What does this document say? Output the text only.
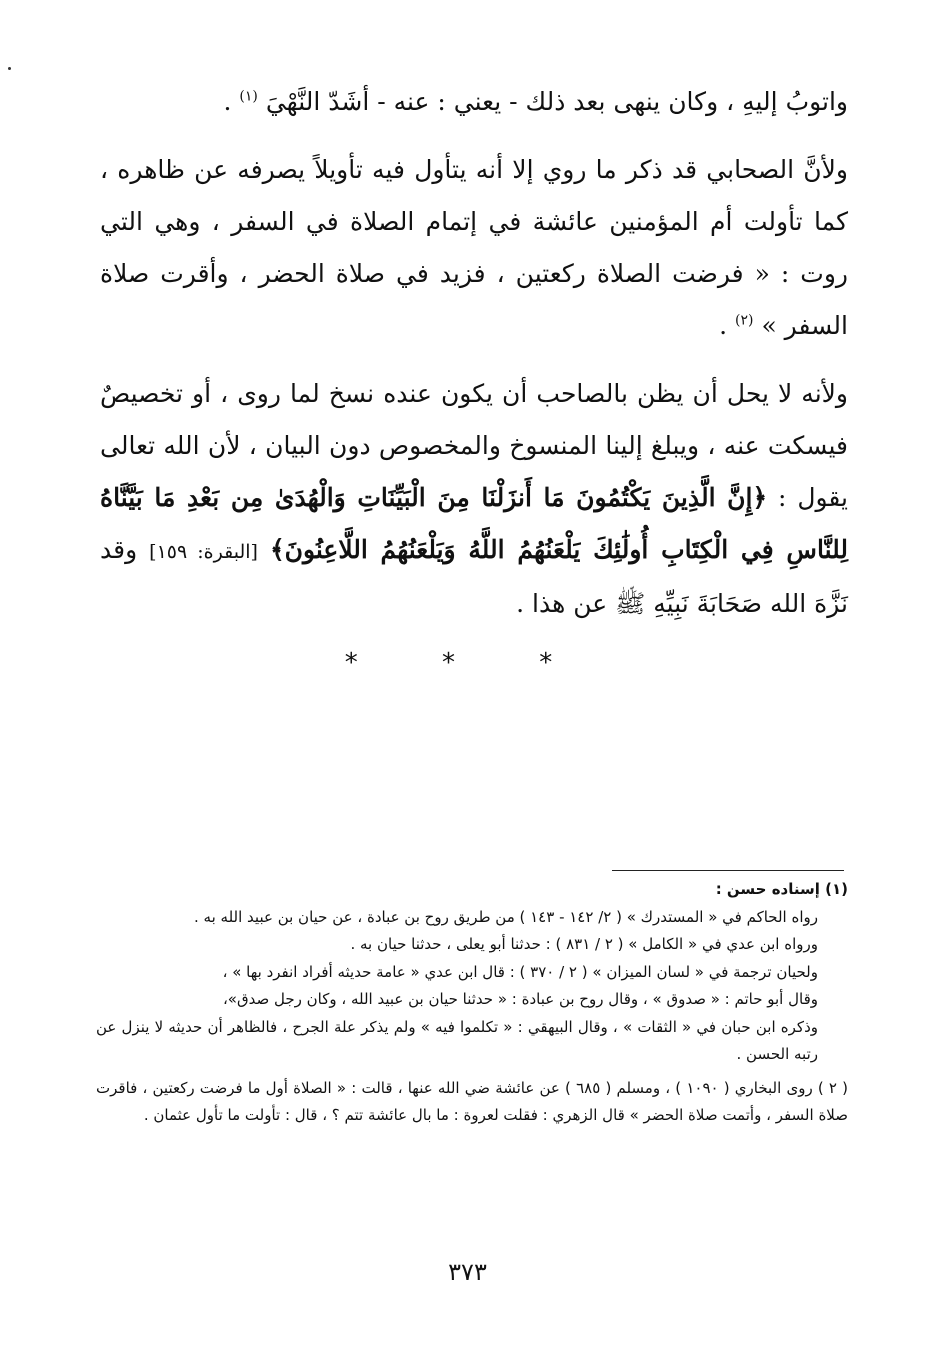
واتوبُ إليهِ ، وكان ينهى بعد ذلك - يعني : عنه - أشَدّ النَّهْيَ $^{(١)}$ .

ولأنَّ الصحابي قد ذكر ما روي إلا أنه يتأول فيه تأويلاً يصرفه عن ظاهره ، كما تأولت أم المؤمنين عائشة في إتمام الصلاة في السفر ، وهي التي روت : « فرضت الصلاة ركعتين ، فزيد في صلاة الحضر ، وأقرت صلاة السفر » $^{(٢)}$ .

ولأنه لا يحل أن يظن بالصاحب أن يكون عنده نسخ لما روى ، أو تخصيصٌ فيسكت عنه ، ويبلغ إلينا المنسوخ والمخصوص دون البيان ، لأن الله تعالى يقول : ﴿إِنَّ الَّذِينَ يَكْتُمُونَ مَا أَنزَلْنَا مِنَ الْبَيِّنَاتِ وَالْهُدَىٰ مِن بَعْدِ مَا بَيَّنَّاهُ لِلنَّاسِ فِي الْكِتَابِ أُولَٰئِكَ يَلْعَنُهُمُ اللَّهُ وَيَلْعَنُهُمُ اللَّاعِنُونَ﴾ [البقرة: ١٥٩] وقد نَزَّهَ الله صَحَابَةَ نَبِيِّهِ ﷺ عن هذا .

* * *
(١) إسناده حسن :
رواه الحاكم في « المستدرك » ( ٢/ ١٤٢ - ١٤٣ ) من طريق روح بن عبادة ، عن حيان بن عبيد الله به .
ورواه ابن عدي في « الكامل » ( ٢ / ٨٣١ ) : حدثنا أبو يعلى ، حدثنا حيان به .
ولحيان ترجمة في « لسان الميزان » ( ٢ / ٣٧٠ ) : قال ابن عدي « عامة حديثه أفراد انفرد بها » ،
وقال أبو حاتم : « صدوق » ، وقال روح بن عبادة : « حدثنا حيان بن عبيد الله ، وكان رجل صدق»،
وذكره ابن حبان في « الثقات » ، وقال البيهقي : « تكلموا فيه » ولم يذكر علة الجرح ، فالظاهر أن حديثه لا ينزل عن رتبه الحسن .
( ٢ ) روى البخاري ( ١٠٩٠ ) ، ومسلم ( ٦٨٥ ) عن عائشة ضي الله عنها ، قالت : « الصلاة أول ما فرضت ركعتين ، فاقرت صلاة السفر ، وأتمت صلاة الحضر » قال الزهري : فقلت لعروة : ما بال عائشة تتم ؟ ، قال : تأولت ما تأول عثمان .
٣٧٣
